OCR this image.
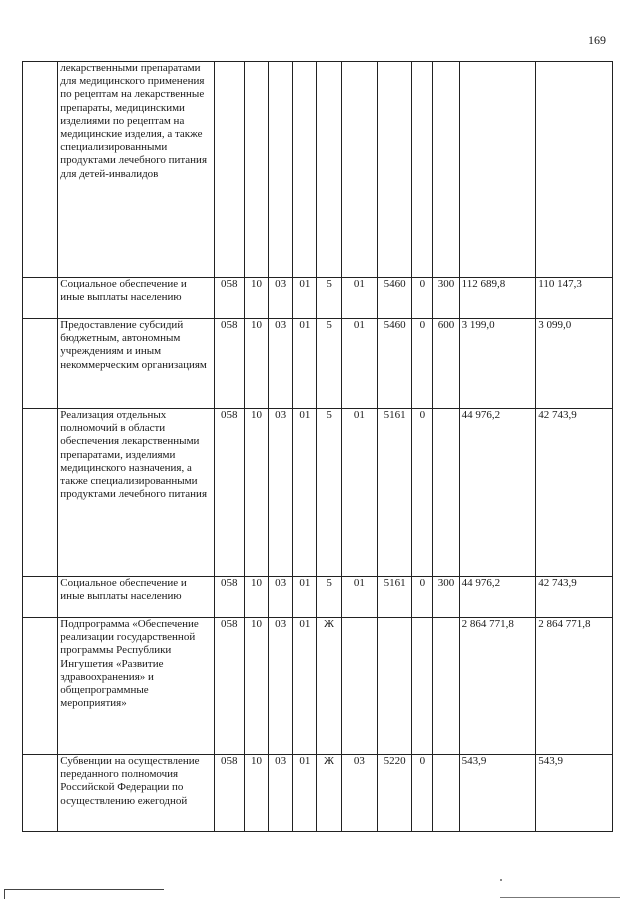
169
	лекарственными препаратами для медицинского применения по рецептам на лекарственные препараты, медицинскими изделиями по рецептам на медицинские изделия, а также специализированными продуктами лечебного питания для детей-инвалидов											
	Социальное обеспечение и иные выплаты населению	058	10	03	01	5	01	5460	0	300	112 689,8	110 147,3
	Предоставление субсидий бюджетным, автономным учреждениям и иным некоммерческим организациям	058	10	03	01	5	01	5460	0	600	3 199,0	3 099,0
	Реализация отдельных полномочий в области обеспечения лекарственными препаратами, изделиями медицинского назначения, а также специализированными продуктами лечебного питания	058	10	03	01	5	01	5161	0		44 976,2	42 743,9
	Социальное обеспечение и иные выплаты населению	058	10	03	01	5	01	5161	0	300	44 976,2	42 743,9
	Подпрограмма «Обеспечение реализации государственной программы Республики Ингушетия «Развитие здравоохранения» и общепрограммные мероприятия»	058	10	03	01	Ж					2 864 771,8	2 864 771,8
	Субвенции на осуществление переданного полномочия Российской Федерации по осуществлению ежегодной	058	10	03	01	Ж	03	5220	0		543,9	543,9
